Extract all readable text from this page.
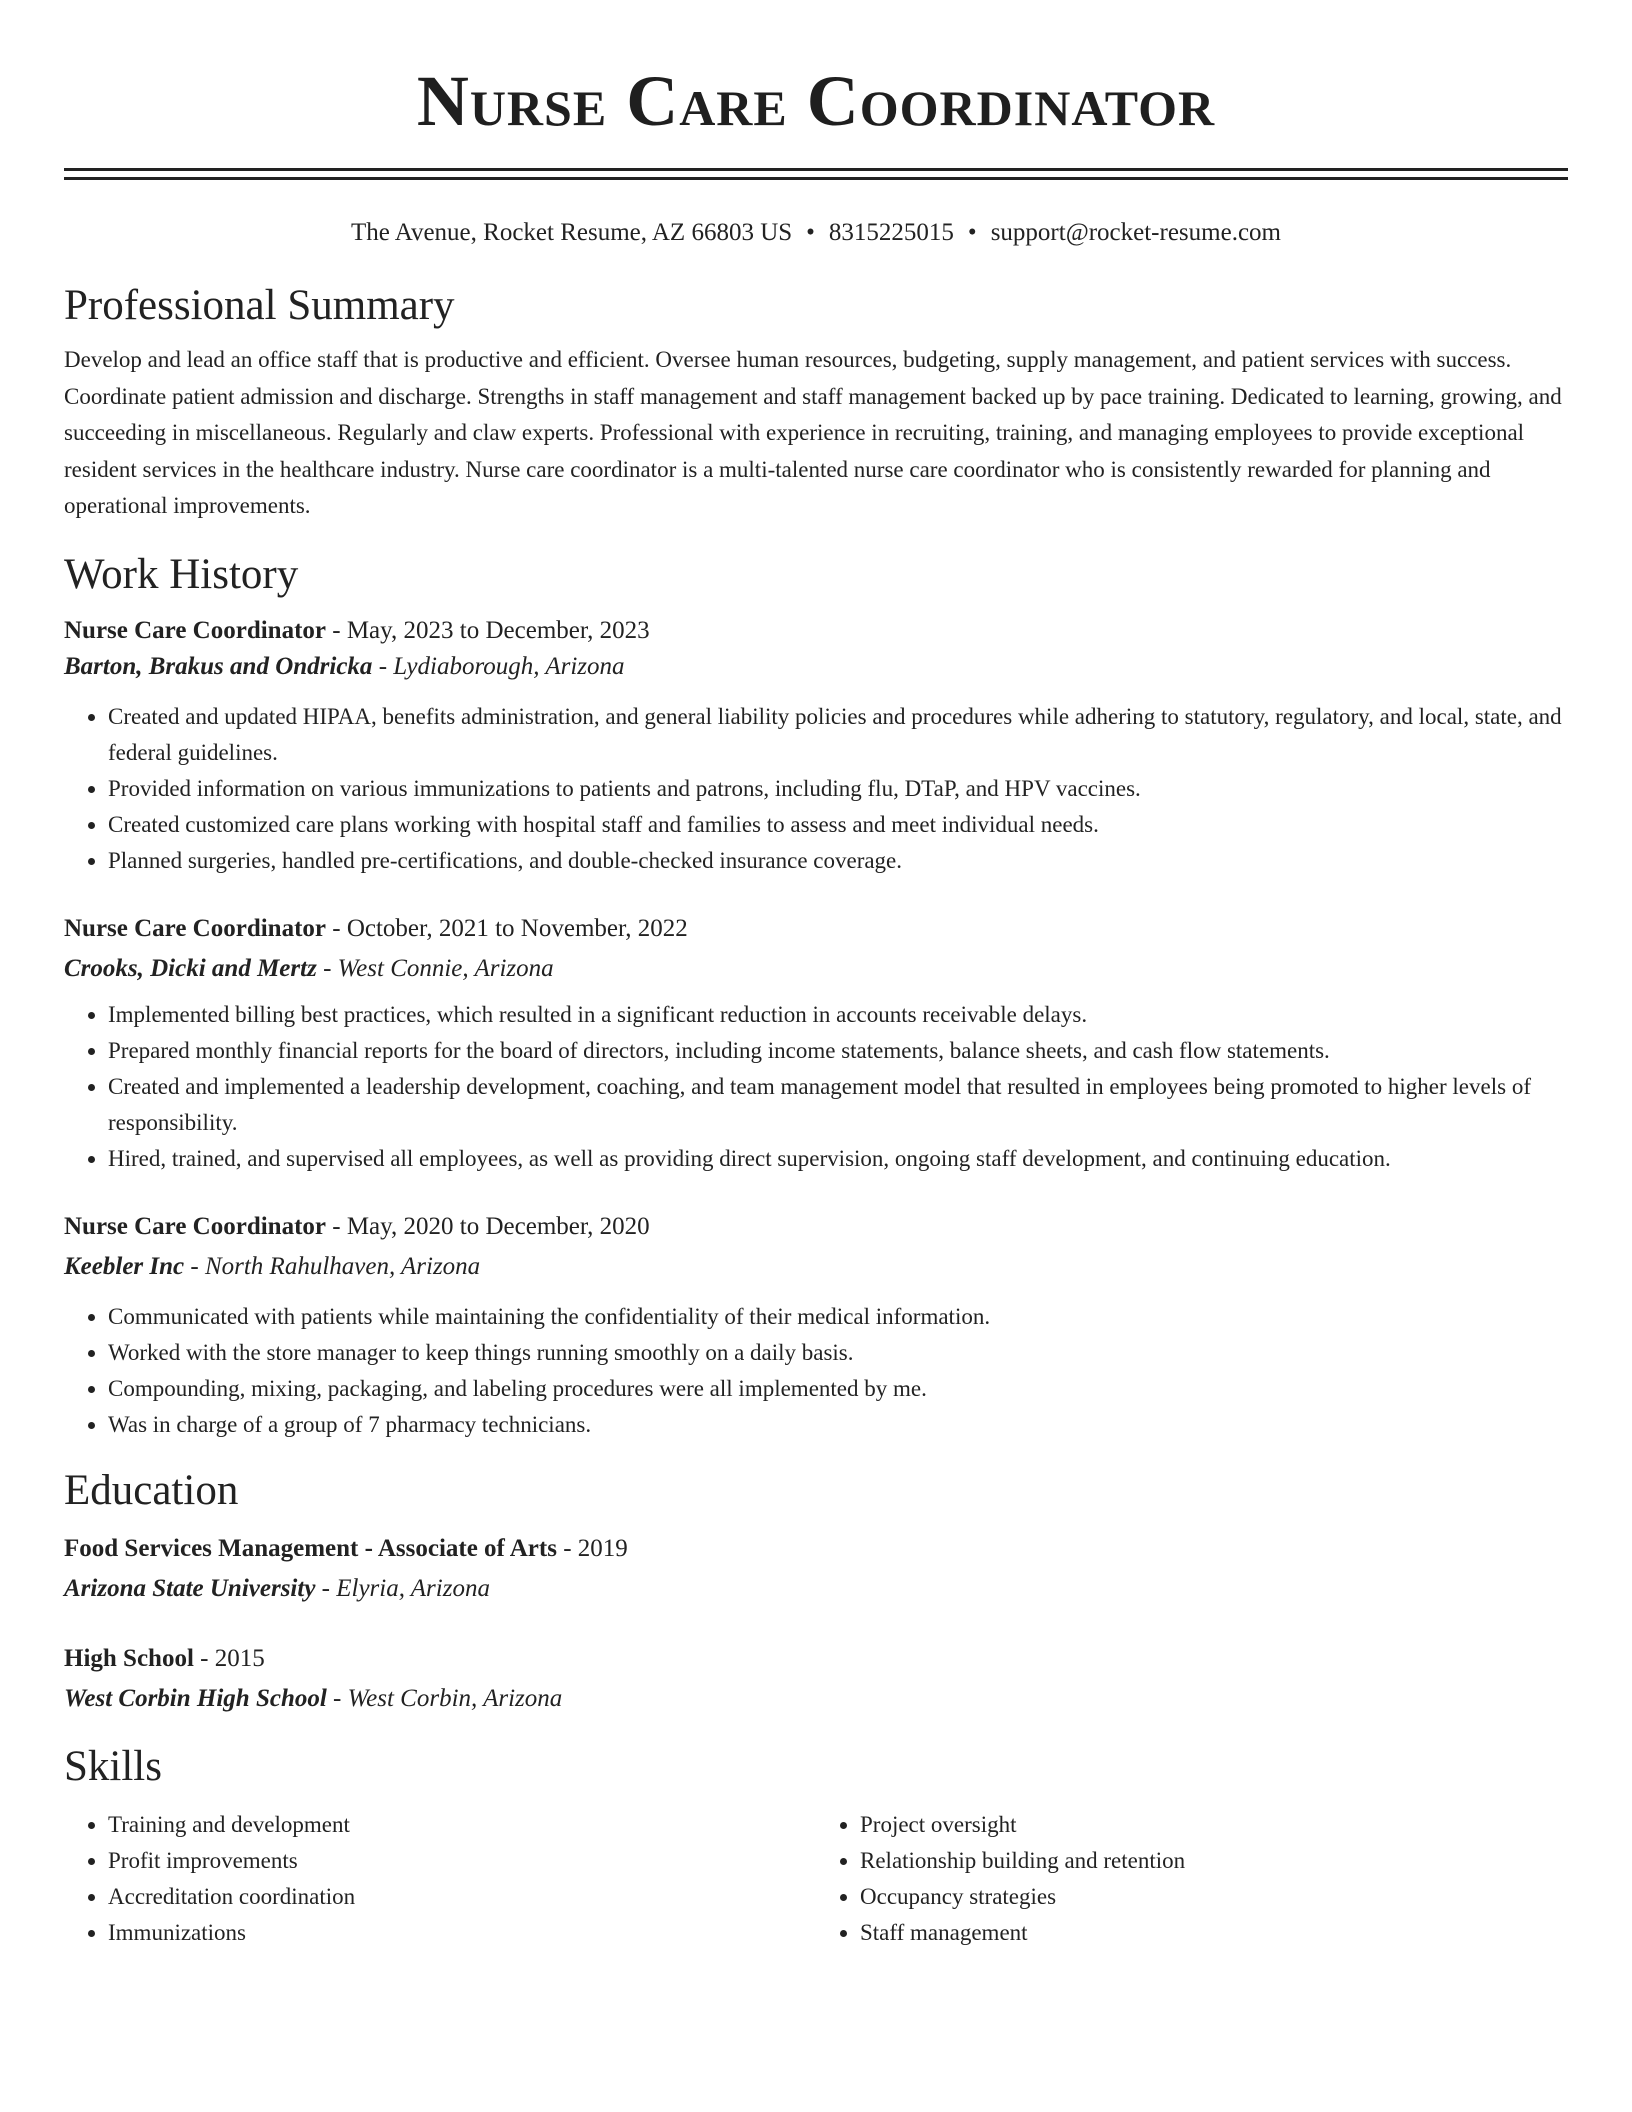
Nurse Care Coordinator
The Avenue, Rocket Resume, AZ 66803 US • 8315225015 • support@rocket-resume.com
Professional Summary

Develop and lead an office staff that is productive and efficient. Oversee human resources, budgeting, supply management, and patient services with success. Coordinate patient admission and discharge. Strengths in staff management and staff management backed up by pace training. Dedicated to learning, growing, and succeeding in miscellaneous. Regularly and claw experts. Professional with experience in recruiting, training, and managing employees to provide exceptional resident services in the healthcare industry. Nurse care coordinator is a multi-talented nurse care coordinator who is consistently rewarded for planning and operational improvements.

Work History

Nurse Care Coordinator - May, 2023 to December, 2023

Barton, Brakus and Ondricka - Lydiaborough, Arizona

• Created and updated HIPAA, benefits administration, and general liability policies and procedures while adhering to statutory, regulatory, and local, state, and federal guidelines.
• Provided information on various immunizations to patients and patrons, including flu, DTaP, and HPV vaccines.
• Created customized care plans working with hospital staff and families to assess and meet individual needs.
• Planned surgeries, handled pre-certifications, and double-checked insurance coverage.

Nurse Care Coordinator - October, 2021 to November, 2022

Crooks, Dicki and Mertz - West Connie, Arizona

• Implemented billing best practices, which resulted in a significant reduction in accounts receivable delays.
• Prepared monthly financial reports for the board of directors, including income statements, balance sheets, and cash flow statements.
• Created and implemented a leadership development, coaching, and team management model that resulted in employees being promoted to higher levels of responsibility.
• Hired, trained, and supervised all employees, as well as providing direct supervision, ongoing staff development, and continuing education.

Nurse Care Coordinator - May, 2020 to December, 2020

Keebler Inc - North Rahulhaven, Arizona

• Communicated with patients while maintaining the confidentiality of their medical information.
• Worked with the store manager to keep things running smoothly on a daily basis.
• Compounding, mixing, packaging, and labeling procedures were all implemented by me.
• Was in charge of a group of 7 pharmacy technicians.
Education

Food Services Management - Associate of Arts - 2019

Arizona State University - Elyria, Arizona

High School - 2015

West Corbin High School - West Corbin, Arizona

Skills
• Training and development
• Profit improvements
• Accreditation coordination
• Immunizations
• Project oversight
• Relationship building and retention
• Occupancy strategies
• Staff management
